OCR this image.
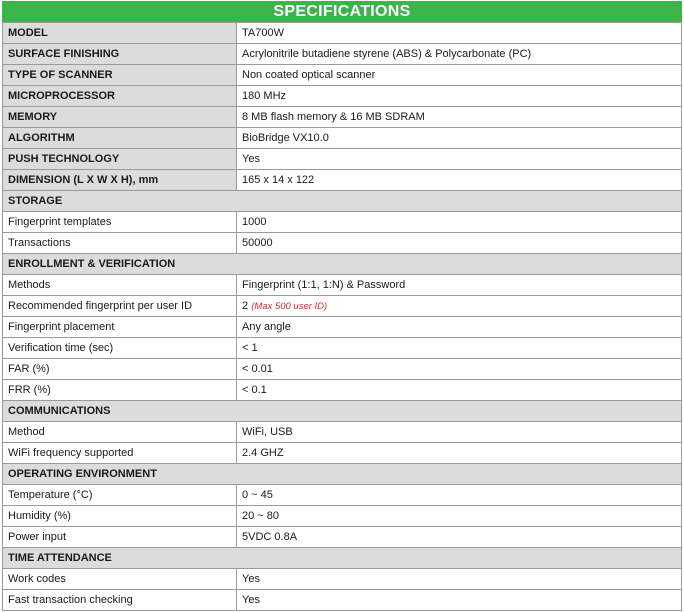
SPECIFICATIONS
MODEL	TA700W
SURFACE FINISHING	Acrylonitrile butadiene styrene (ABS) & Polycarbonate (PC)
TYPE OF SCANNER	Non coated optical scanner
MICROPROCESSOR	180 MHz
MEMORY	8 MB flash memory & 16 MB SDRAM
ALGORITHM	BioBridge VX10.0
PUSH TECHNOLOGY	Yes
DIMENSION (L X W X H), mm	165 x 14 x 122
STORAGE	
Fingerprint templates	1000
Transactions	50000
ENROLLMENT & VERIFICATION	
Methods	Fingerprint (1:1, 1:N) & Password
Recommended fingerprint per user ID	2 (Max 500 user ID)
Fingerprint placement	Any angle
Verification time (sec)	< 1
FAR (%)	< 0.01
FRR (%)	< 0.1
COMMUNICATIONS	
Method	WiFi, USB
WiFi frequency supported	2.4 GHZ
OPERATING ENVIRONMENT	
Temperature (°C)	0 ~ 45
Humidity (%)	20 ~ 80
Power input	5VDC 0.8A
TIME ATTENDANCE	
Work codes	Yes
Fast transaction checking	Yes
